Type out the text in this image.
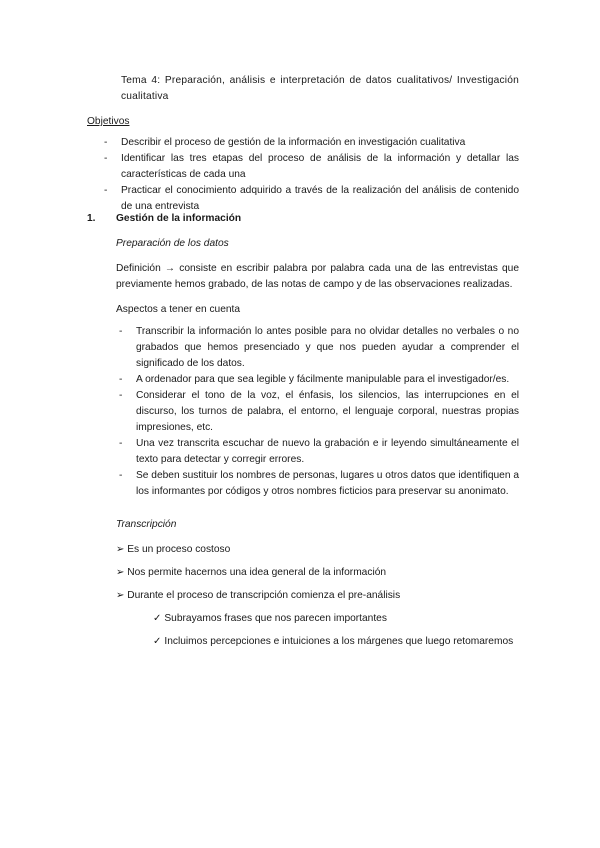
Tema 4: Preparación, análisis e interpretación de datos cualitativos/ Investigación cualitativa
Objetivos
- Describir el proceso de gestión de la información en investigación cualitativa
- Identificar las tres etapas del proceso de análisis de la información y detallar las características de cada una
- Practicar el conocimiento adquirido a través de la realización del análisis de contenido de una entrevista
1. Gestión de la información
Preparación de los datos
Definición → consiste en escribir palabra por palabra cada una de las entrevistas que previamente hemos grabado, de las notas de campo y de las observaciones realizadas.
Aspectos a tener en cuenta
- Transcribir la información lo antes posible para no olvidar detalles no verbales o no grabados que hemos presenciado y que nos pueden ayudar a comprender el significado de los datos.
- A ordenador para que sea legible y fácilmente manipulable para el investigador/es.
- Considerar el tono de la voz, el énfasis, los silencios, las interrupciones en el discurso, los turnos de palabra, el entorno, el lenguaje corporal, nuestras propias impresiones, etc.
- Una vez transcrita escuchar de nuevo la grabación e ir leyendo simultáneamente el texto para detectar y corregir errores.
- Se deben sustituir los nombres de personas, lugares u otros datos que identifiquen a los informantes por códigos y otros nombres ficticios para preservar su anonimato.
Transcripción
➢ Es un proceso costoso
➢ Nos permite hacernos una idea general de la información
➢ Durante el proceso de transcripción comienza el pre-análisis
✓ Subrayamos frases que nos parecen importantes
✓ Incluimos percepciones e intuiciones a los márgenes que luego retomaremos
